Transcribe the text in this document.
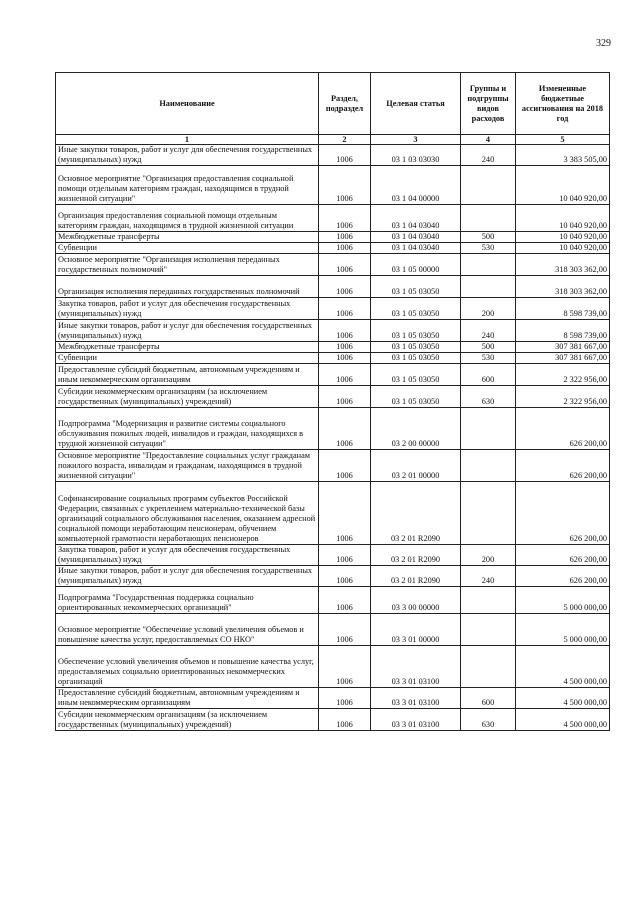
329
Наименование	Раздел, подраздел	Целевая статья	Группы и подгруппы видов расходов	Измененные бюджетные ассигнования на 2018 год
1	2	3	4	5
Иные закупки товаров, работ и услуг для обеспечения государственных (муниципальных) нужд	1006	03 1 03 03030	240	3 383 505,00
Основное мероприятие "Организация предоставления социальной помощи отдельным категориям граждан, находящимся в трудной жизненной ситуации"	1006	03 1 04 00000		10 040 920,00
Организация предоставления социальной помощи отдельным категориям граждан, находящимся в трудной жизненной ситуации	1006	03 1 04 03040		10 040 920,00
Межбюджетные трансферты	1006	03 1 04 03040	500	10 040 920,00
Субвенции	1006	03 1 04 03040	530	10 040 920,00
Основное мероприятие "Организация исполнения переданных государственных полномочий"	1006	03 1 05 00000		318 303 362,00
Организация исполнения переданных государственных полномочий	1006	03 1 05 03050		318 303 362,00
Закупка товаров, работ и услуг для обеспечения государственных (муниципальных) нужд	1006	03 1 05 03050	200	8 598 739,00
Иные закупки товаров, работ и услуг для обеспечения государственных (муниципальных) нужд	1006	03 1 05 03050	240	8 598 739,00
Межбюджетные трансферты	1006	03 1 05 03050	500	307 381 667,00
Субвенции	1006	03 1 05 03050	530	307 381 667,00
Предоставление субсидий бюджетным, автономным учреждениям и иным некоммерческим организациям	1006	03 1 05 03050	600	2 322 956,00
Субсидии некоммерческим организациям (за исключением государственных (муниципальных) учреждений)	1006	03 1 05 03050	630	2 322 956,00
Подпрограмма "Модернизация и развитие системы социального обслуживания пожилых людей, инвалидов и граждан, находящихся в трудной жизненной ситуации"	1006	03 2 00 00000		626 200,00
Основное мероприятие "Предоставление социальных услуг гражданам пожилого возраста, инвалидам и гражданам, находящимся в трудной жизненной ситуации"	1006	03 2 01 00000		626 200,00
Софинансирование социальных программ субъектов Российской Федерации, связанных с укреплением материально-технической базы организаций социального обслуживания населения, оказанием адресной социальной помощи неработающим пенсионерам, обучением компьютерной грамотности неработающих пенсионеров	1006	03 2 01 R2090		626 200,00
Закупка товаров, работ и услуг для обеспечения государственных (муниципальных) нужд	1006	03 2 01 R2090	200	626 200,00
Иные закупки товаров, работ и услуг для обеспечения государственных (муниципальных) нужд	1006	03 2 01 R2090	240	626 200,00
Подпрограмма "Государственная поддержка социально ориентированных некоммерческих организаций"	1006	03 3 00 00000		5 000 000,00
Основное мероприятие "Обеспечение условий увеличения объемов и повышение качества услуг, предоставляемых СО НКО"	1006	03 3 01 00000		5 000 000,00
Обеспечение условий увеличения объемов и повышение качества услуг, предоставляемых социально ориентированных некоммерческих организаций	1006	03 3 01 03100		4 500 000,00
Предоставление субсидий бюджетным, автономным учреждениям и иным некоммерческим организациям	1006	03 3 01 03100	600	4 500 000,00
Субсидии некоммерческим организациям (за исключением государственных (муниципальных) учреждений)	1006	03 3 01 03100	630	4 500 000,00
